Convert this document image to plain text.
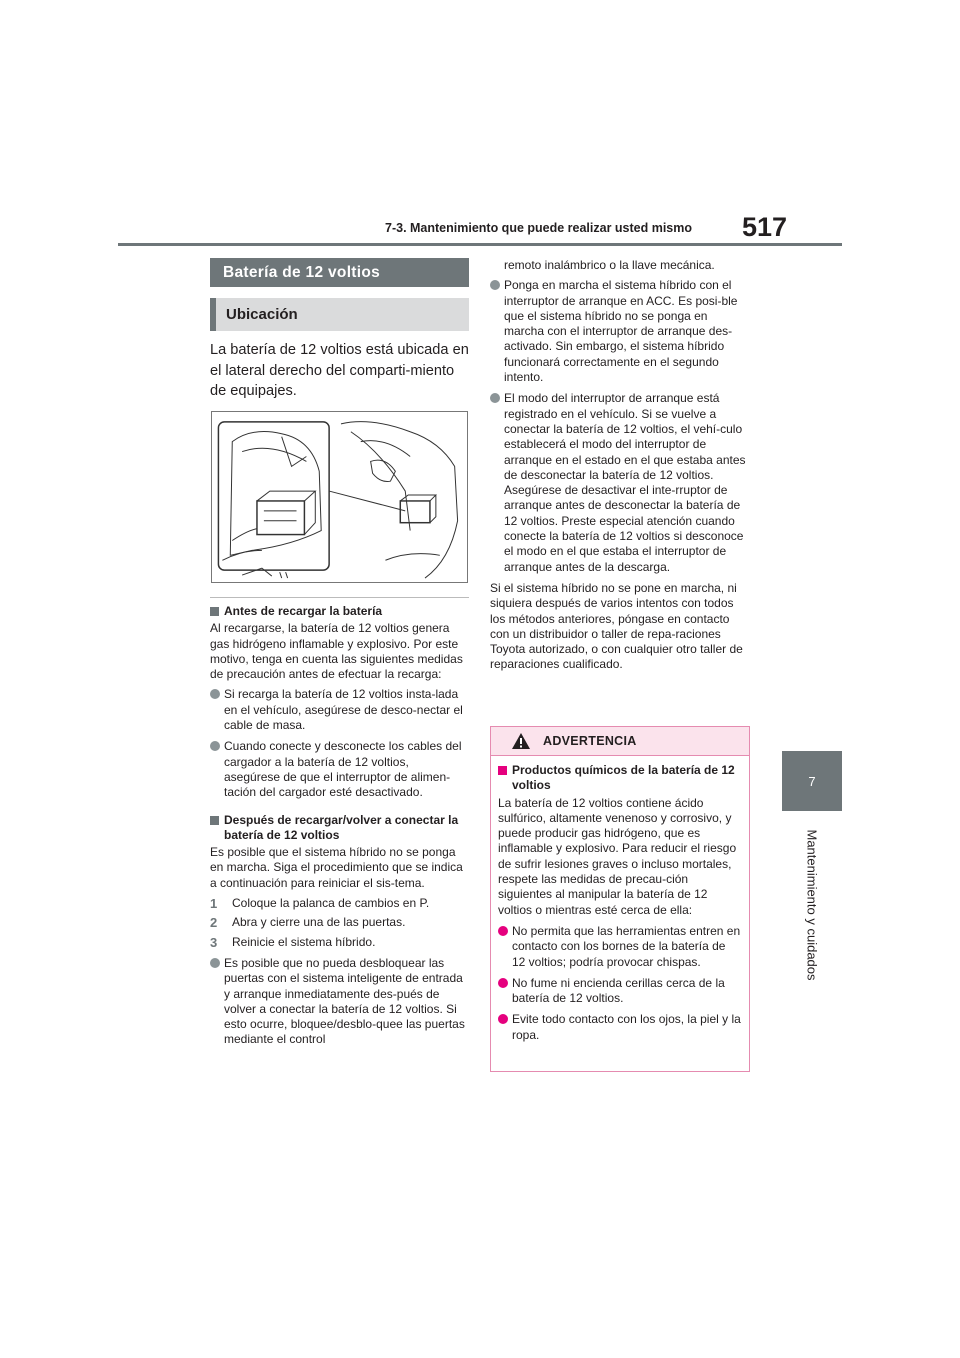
7-3. Mantenimiento que puede realizar usted mismo 517
7
Mantenimiento y cuidados
Batería de 12 voltios
Ubicación
La batería de 12 voltios está ubicada en el lateral derecho del comparti-miento de equipajes.
Antes de recargar la batería

Al recargarse, la batería de 12 voltios genera gas hidrógeno inflamable y explosivo. Por este motivo, tenga en cuenta las siguientes medidas de precaución antes de efectuar la recarga:

Si recarga la batería de 12 voltios insta-lada en el vehículo, asegúrese de desco-nectar el cable de masa.
Cuando conecte y desconecte los cables del cargador a la batería de 12 voltios, asegúrese de que el interruptor de alimen-tación del cargador esté desactivado.
Después de recargar/volver a conectar la batería de 12 voltios

Es posible que el sistema híbrido no se ponga en marcha. Siga el procedimiento que se indica a continuación para reiniciar el sis-tema.

1 Coloque la palanca de cambios en P.
2 Abra y cierre una de las puertas.
3 Reinicie el sistema híbrido.
Es posible que no pueda desbloquear las puertas con el sistema inteligente de entrada y arranque inmediatamente des-pués de volver a conectar la batería de 12 voltios. Si esto ocurre, bloquee/desblo-quee las puertas mediante el control

remoto inalámbrico o la llave mecánica.

Ponga en marcha el sistema híbrido con el interruptor de arranque en ACC. Es posi-ble que el sistema híbrido no se ponga en marcha con el interruptor de arranque des-activado. Sin embargo, el sistema híbrido funcionará correctamente en el segundo intento.
El modo del interruptor de arranque está registrado en el vehículo. Si se vuelve a conectar la batería de 12 voltios, el vehí-culo establecerá el modo del interruptor de arranque en el estado en el que estaba antes de desconectar la batería de 12 voltios. Asegúrese de desactivar el inte-rruptor de arranque antes de desconectar la batería de 12 voltios. Preste especial atención cuando conecte la batería de 12 voltios si desconoce el modo en el que estaba el interruptor de arranque antes de la descarga.

Si el sistema híbrido no se pone en marcha, ni siquiera después de varios intentos con todos los métodos anteriores, póngase en contacto con un distribuidor o taller de repa-raciones Toyota autorizado, o con cualquier otro taller de reparaciones cualificado.

ADVERTENCIA
Productos químicos de la batería de 12 voltios

La batería de 12 voltios contiene ácido sulfúrico, altamente venenoso y corrosivo, y puede producir gas hidrógeno, que es inflamable y explosivo. Para reducir el riesgo de sufrir lesiones graves o incluso mortales, respete las medidas de precau-ción siguientes al manipular la batería de 12 voltios o mientras esté cerca de ella:

No permita que las herramientas entren en contacto con los bornes de la batería de 12 voltios; podría provocar chispas.
No fume ni encienda cerillas cerca de la batería de 12 voltios.
Evite todo contacto con los ojos, la piel y la ropa.
